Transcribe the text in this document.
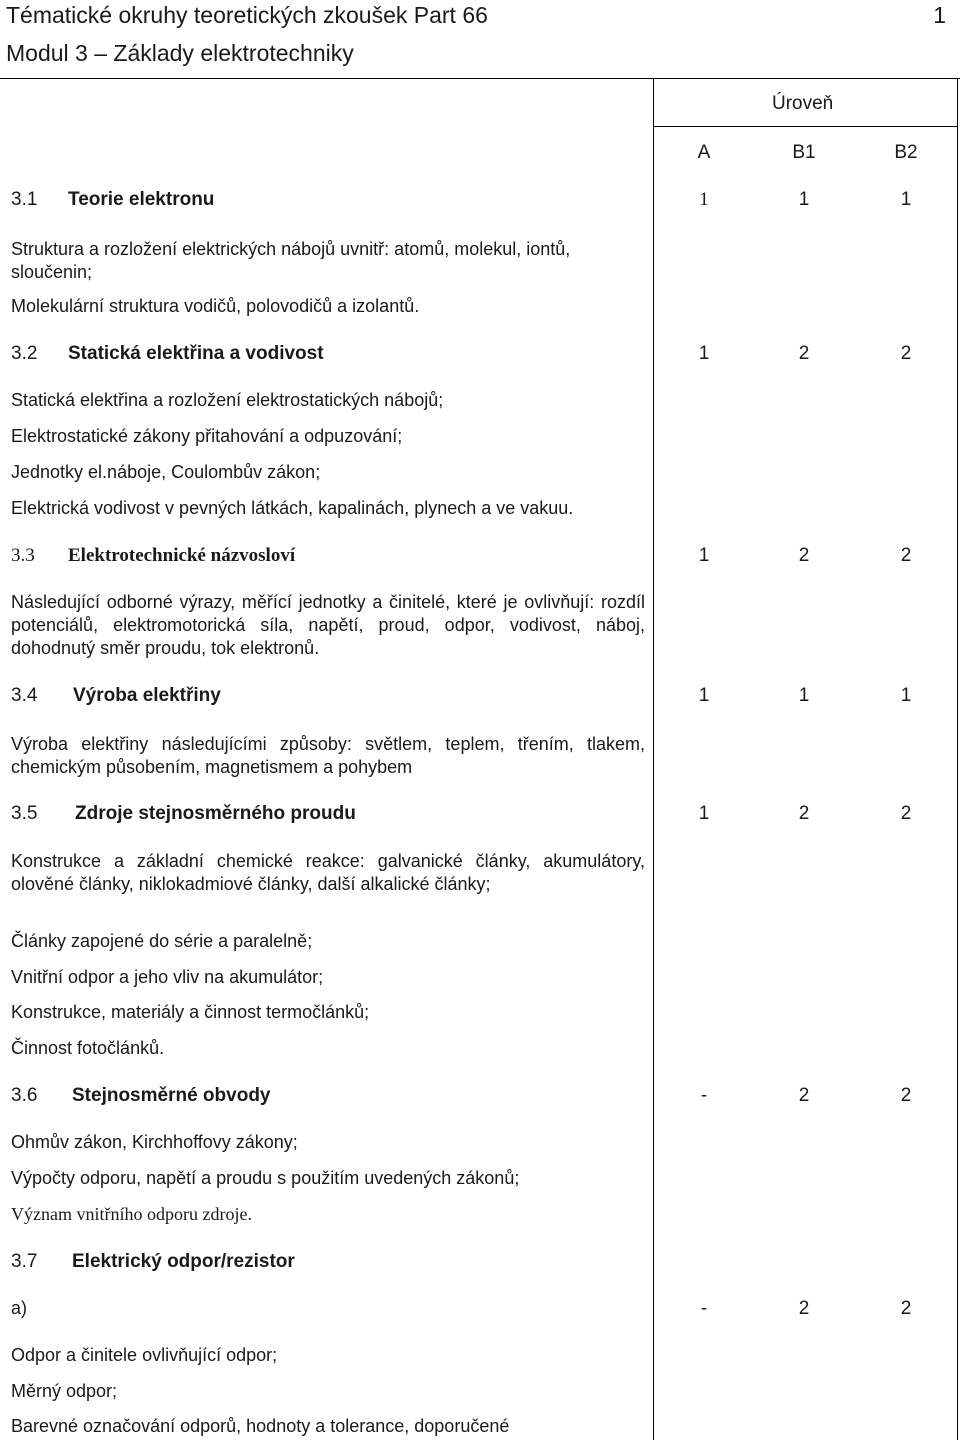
Tématické okruhy teoretických zkoušek Part 66	1
Modul 3 – Základy elektrotechniky
Úroveň
A	B1	B2
3.1 Teorie elektronu	1	1	1
Struktura a rozložení elektrických nábojů uvnitř: atomů, molekul, iontů, sloučenin;
Molekulární struktura vodičů, polovodičů a izolantů.
3.2 Statická elektřina a vodivost	1	2	2
Statická elektřina a rozložení elektrostatických nábojů;
Elektrostatické zákony přitahování a odpuzování;
Jednotky el.náboje, Coulombův zákon;
Elektrická vodivost v pevných látkách, kapalinách, plynech a ve vakuu.
3.3 Elektrotechnické názvosloví	1	2	2
Následující odborné výrazy, měřící jednotky a činitelé, které je ovlivňují: rozdíl potenciálů, elektromotorická síla, napětí, proud, odpor, vodivost, náboj, dohodnutý směr proudu, tok elektronů.
3.4 Výroba elektřiny	1	1	1
Výroba elektřiny následujícími způsoby: světlem, teplem, třením, tlakem, chemickým působením, magnetismem a pohybem
3.5 Zdroje stejnosměrného proudu	1	2	2
Konstrukce a základní chemické reakce: galvanické články, akumulátory, olověné články, niklokadmiové články, další alkalické články;
Články zapojené do série a paralelně;
Vnitřní odpor a jeho vliv na akumulátor;
Konstrukce, materiály a činnost termočlánků;
Činnost fotočlánků.
3.6 Stejnosměrné obvody	-	2	2
Ohmův zákon, Kirchhoffovy zákony;
Výpočty odporu, napětí a proudu s použitím uvedených zákonů;
Význam vnitřního odporu zdroje.
3.7 Elektrický odpor/rezistor
a)	-	2	2
Odpor a činitele ovlivňující odpor;
Měrný odpor;
Barevné označování odporů, hodnoty a tolerance, doporučené
